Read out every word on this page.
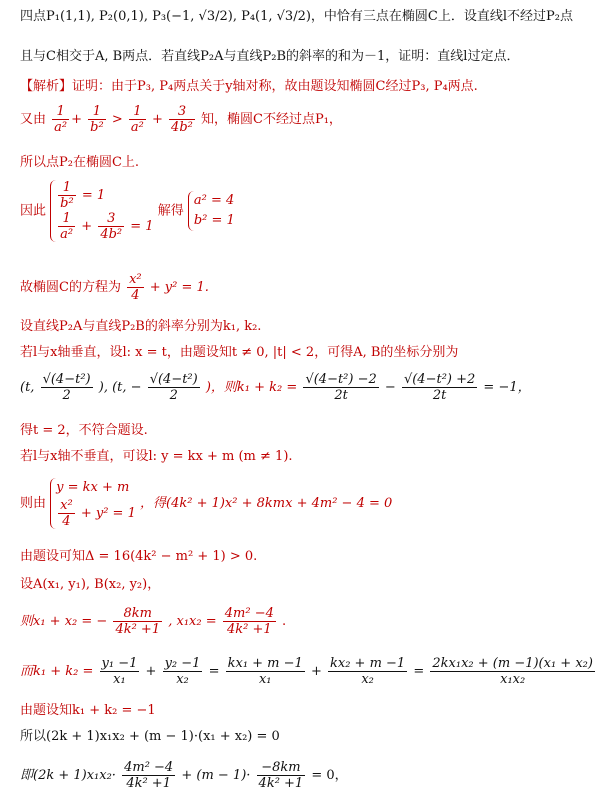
四点P₁(1,1), P₂(0,1), P₃(−1, √3/2), P₄(1, √3/2)，中恰有三点在椭圆C上．设直线l不经过P₂点
且与C相交于A, B两点．若直线P₂A与直线P₂B的斜率的和为－1，证明：直线l过定点．
【解析】证明：由于P₃, P₄两点关于y轴对称，故由题设知椭圆C经过P₃, P₄两点.
又由 $\frac{1}{\text{a²}} + \frac{1}{\text{b²}} > \frac{1}{\text{a²}} + \frac{3}{\text{4b²}}$ 知，椭圆C不经过点P₁，
所以点P₂在椭圆C上.
因此 $\frac{1}{\text{b²}} = 1$
$\frac{1}{\text{a²}} + \frac{3}{\text{4b²}} = 1$
解得
a² = 4
b² = 1
故椭圆C的方程为 $\frac{\text{x²}}{4} + y^2 = 1$.
设直线P₂A与直线P₂B的斜率分别为k₁, k₂.
若l与x轴垂直，设l: x = t，由题设知t ≠ 0, |t| < 2，可得A, B的坐标分别为
(t, $\frac{\text{√(4−t²)}}{2}$ ), (t, − $\frac{\text{√(4−t²)}}{2}$ )，则$k_1 + k_2 = \frac{\text{√(4−t²) −2}}{2t} - \frac{\text{√(4−t²) +2}}{2t} = -1$，
得t = 2，不符合题设.
若l与x轴不垂直，可设l: y = kx + m (m ≠ 1).
则由
y = kx + m
$\frac{\text{x²}}{4} + y^2 = 1$
，得(4k² + 1)x² + 8kmx + 4m² − 4 = 0
由题设可知Δ = 16(4k² − m² + 1) > 0.
设A(x₁, y₁), B(x₂, y₂)，
则x₁ + x₂ = − $\frac{8km}{\text{4k² +1}}$ , $x_1x_2 = \frac{\text{4m² −4}}{\text{4k² +1}}$ .
而$k_1 + k_2 = \frac{\text{y₁ −1}}{\text{x₁}} + \frac{\text{y₂ −1}}{\text{x₂}} = \frac{\text{kx₁ + m −1}}{\text{x₁}} + \frac{\text{kx₂ + m −1}}{\text{x₂}} = \frac{\text{2kx₁x₂ + (m −1)(x₁ + x₂)}}{\text{x₁x₂}}$
由题设知k₁ + k₂ = −1
所以(2k + 1)x₁x₂ + (m − 1)·(x₁ + x₂) = 0
即$(2k + 1)x_1x_2\cdot \frac{\text{4m² −4}}{\text{4k² +1}} + (m - 1)\cdot \frac{-8km}{\text{4k² +1}} = 0$，
